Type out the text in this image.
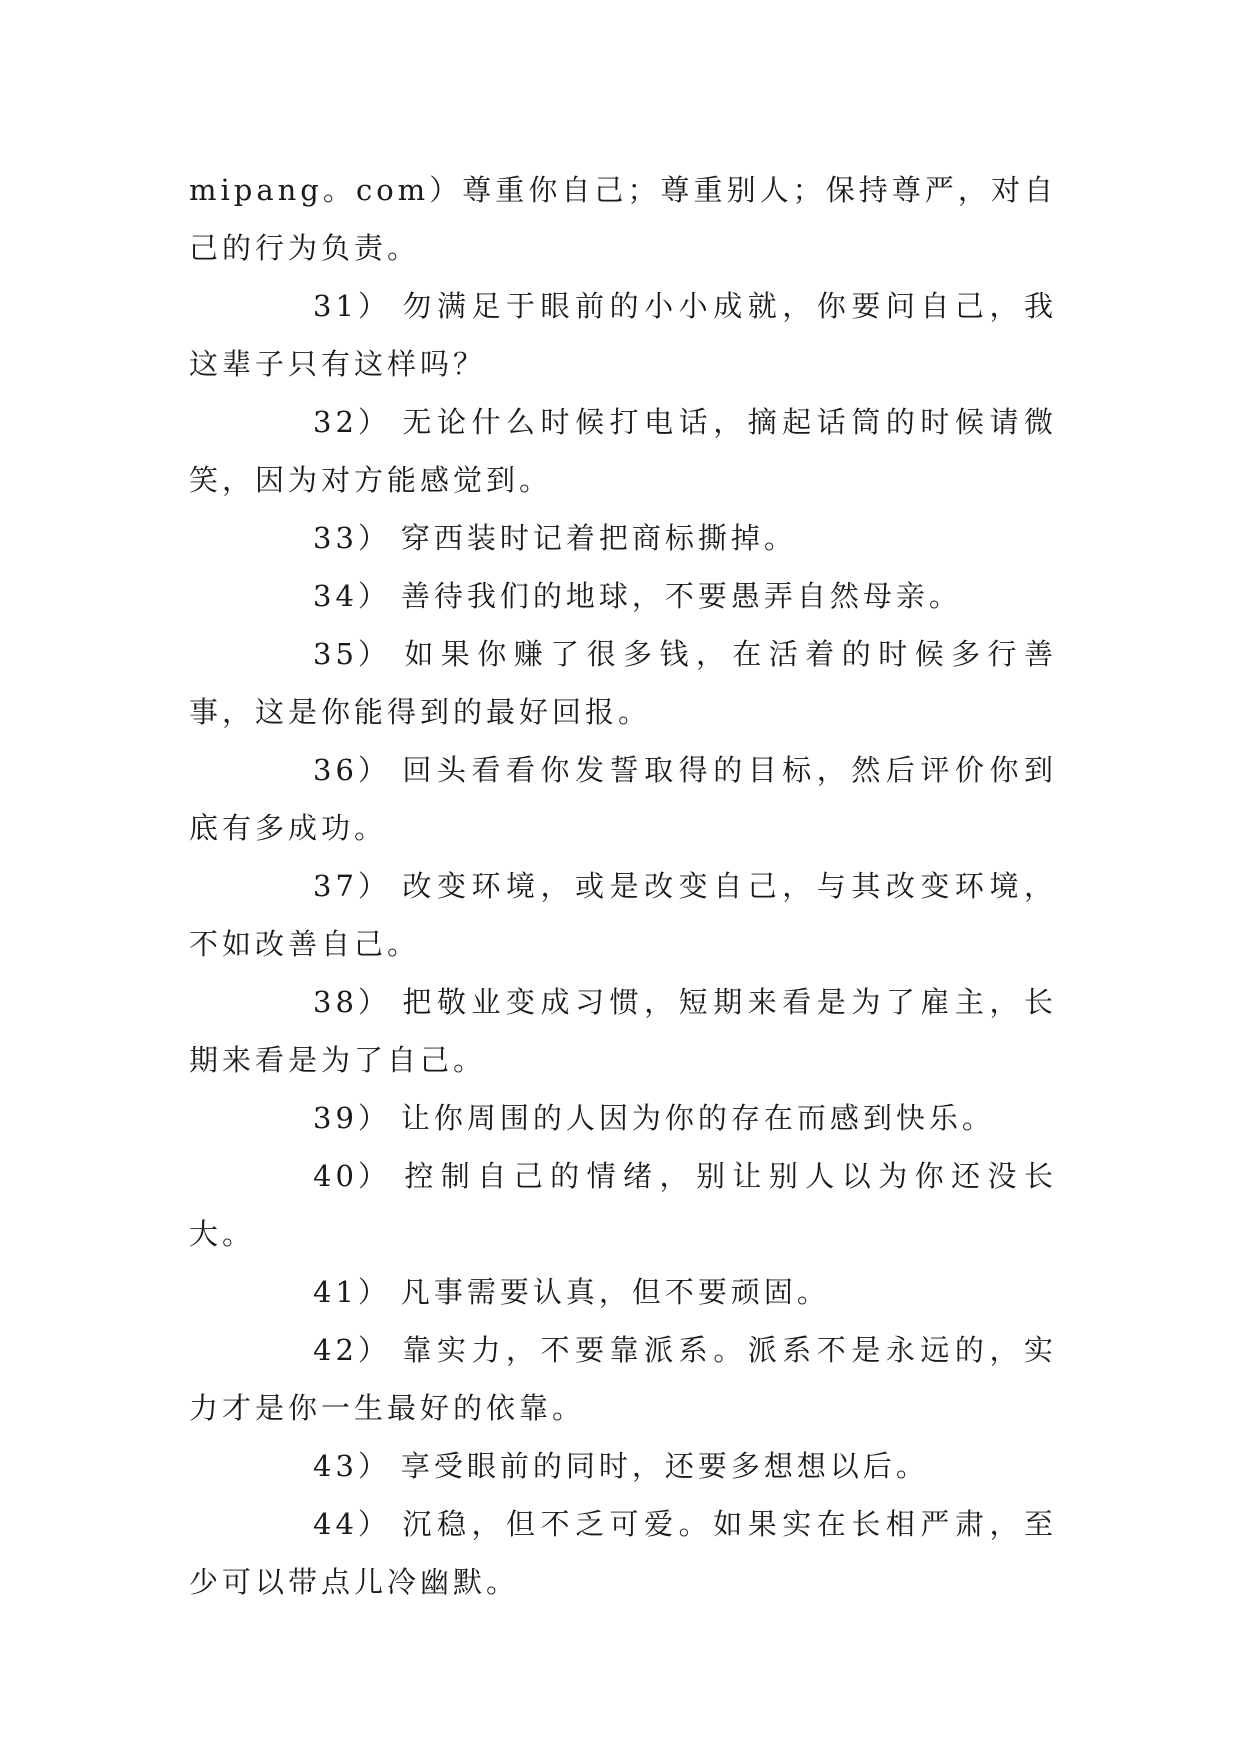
mipang。com）尊重你自己；尊重别人；保持尊严，对自己的行为负责。

31） 勿满足于眼前的小小成就，你要问自己，我这辈子只有这样吗？

32） 无论什么时候打电话，摘起话筒的时候请微笑，因为对方能感觉到。

33） 穿西装时记着把商标撕掉。

34） 善待我们的地球，不要愚弄自然母亲。

35） 如果你赚了很多钱，在活着的时候多行善事，这是你能得到的最好回报。

36） 回头看看你发誓取得的目标，然后评价你到底有多成功。

37） 改变环境，或是改变自己，与其改变环境，不如改善自己。

38） 把敬业变成习惯，短期来看是为了雇主，长期来看是为了自己。

39） 让你周围的人因为你的存在而感到快乐。

40） 控制自己的情绪，别让别人以为你还没长大。

41） 凡事需要认真，但不要顽固。

42） 靠实力，不要靠派系。派系不是永远的，实力才是你一生最好的依靠。

43） 享受眼前的同时，还要多想想以后。

44） 沉稳，但不乏可爱。如果实在长相严肃，至少可以带点儿冷幽默。
